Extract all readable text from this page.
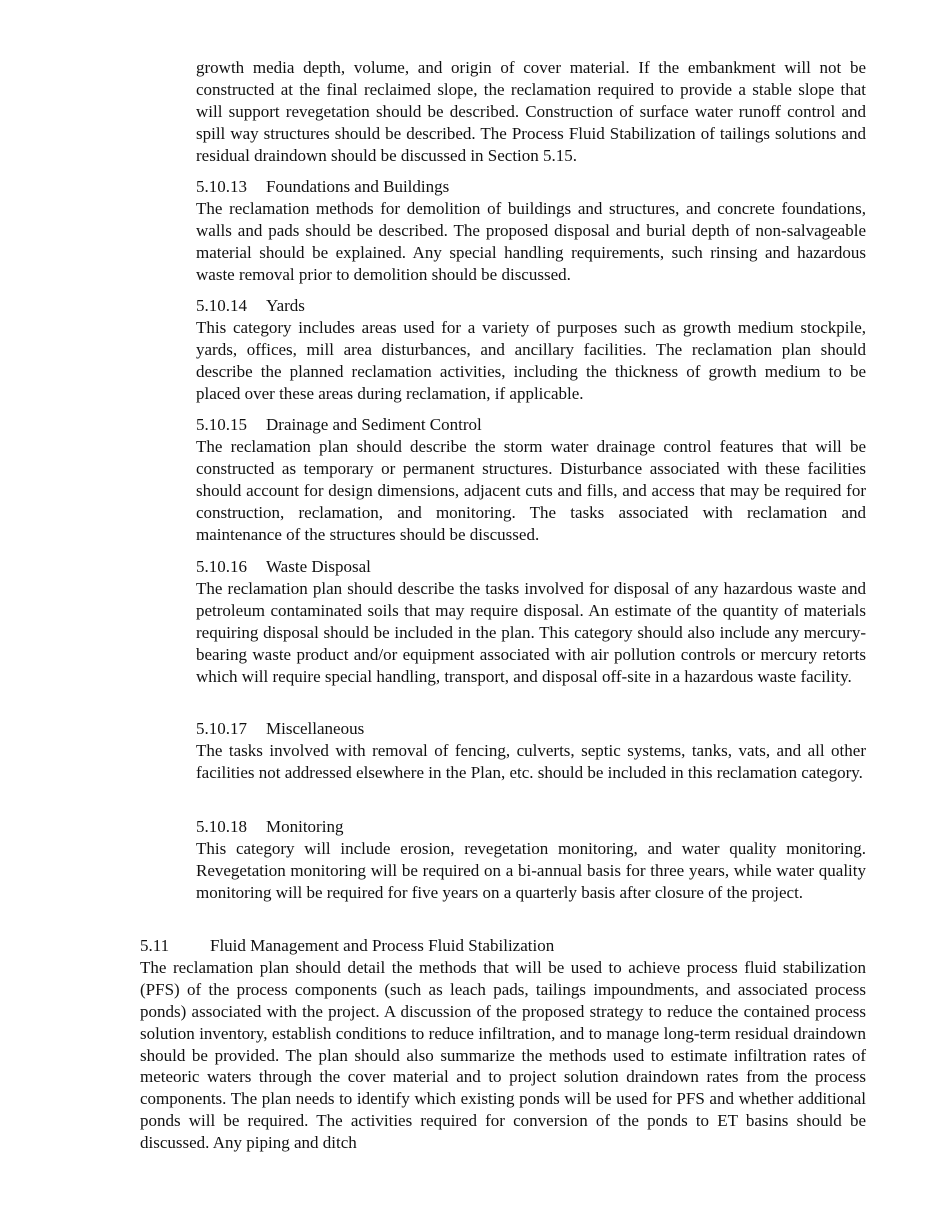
growth media depth, volume, and origin of cover material. If the embankment will not be constructed at the final reclaimed slope, the reclamation required to provide a stable slope that will support revegetation should be described. Construction of surface water runoff control and spill way structures should be described. The Process Fluid Stabilization of tailings solutions and residual draindown should be discussed in Section 5.15.

5.10.13 Foundations and Buildings

The reclamation methods for demolition of buildings and structures, and concrete foundations, walls and pads should be described. The proposed disposal and burial depth of non-salvageable material should be explained. Any special handling requirements, such rinsing and hazardous waste removal prior to demolition should be discussed.

5.10.14 Yards

This category includes areas used for a variety of purposes such as growth medium stockpile, yards, offices, mill area disturbances, and ancillary facilities. The reclamation plan should describe the planned reclamation activities, including the thickness of growth medium to be placed over these areas during reclamation, if applicable.

5.10.15 Drainage and Sediment Control

The reclamation plan should describe the storm water drainage control features that will be constructed as temporary or permanent structures. Disturbance associated with these facilities should account for design dimensions, adjacent cuts and fills, and access that may be required for construction, reclamation, and monitoring. The tasks associated with reclamation and maintenance of the structures should be discussed.

5.10.16 Waste Disposal

The reclamation plan should describe the tasks involved for disposal of any hazardous waste and petroleum contaminated soils that may require disposal. An estimate of the quantity of materials requiring disposal should be included in the plan. This category should also include any mercury-bearing waste product and/or equipment associated with air pollution controls or mercury retorts which will require special handling, transport, and disposal off-site in a hazardous waste facility.

5.10.17 Miscellaneous

The tasks involved with removal of fencing, culverts, septic systems, tanks, vats, and all other facilities not addressed elsewhere in the Plan, etc. should be included in this reclamation category.

5.10.18 Monitoring

This category will include erosion, revegetation monitoring, and water quality monitoring. Revegetation monitoring will be required on a bi-annual basis for three years, while water quality monitoring will be required for five years on a quarterly basis after closure of the project.

5.11 Fluid Management and Process Fluid Stabilization

The reclamation plan should detail the methods that will be used to achieve process fluid stabilization (PFS) of the process components (such as leach pads, tailings impoundments, and associated process ponds) associated with the project. A discussion of the proposed strategy to reduce the contained process solution inventory, establish conditions to reduce infiltration, and to manage long-term residual draindown should be provided. The plan should also summarize the methods used to estimate infiltration rates of meteoric waters through the cover material and to project solution draindown rates from the process components. The plan needs to identify which existing ponds will be used for PFS and whether additional ponds will be required. The activities required for conversion of the ponds to ET basins should be discussed. Any piping and ditch
